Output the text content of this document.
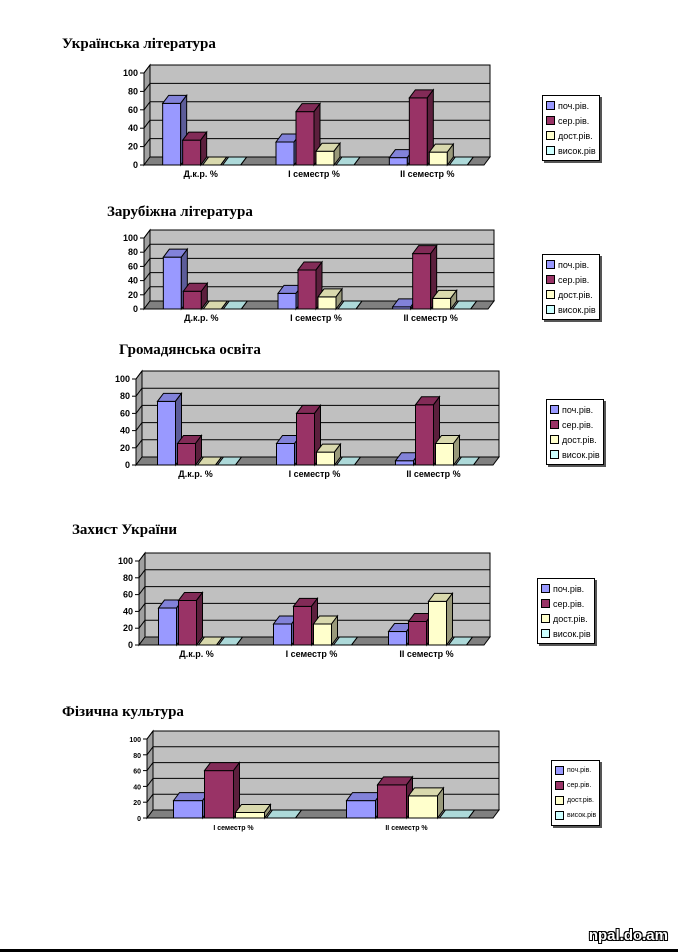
Українська література
0
20
40
60
80
100
Д.к.р. %	І семестр %	ІІ семестр %
поч.рів.
сер.рів.
дост.рів.
висок.рів
Зарубіжна література
0
20
40
60
80
100
Д.к.р. %	І семестр %	ІІ семестр %
поч.рів.
сер.рів.
дост.рів.
висок.рів
Громадянська освіта
0
20
40
60
80
100
Д.к.р. %	І семестр %	ІІ семестр %
поч.рів.
сер.рів.
дост.рів.
висок.рів
Захист України
0
20
40
60
80
100
Д.к.р. %	І семестр %	ІІ семестр %
поч.рів.
сер.рів.
дост.рів.
висок.рів
Фізична культура
0
20
40
60
80
100
І семестр %	ІІ семестр %
поч.рів.
сер.рів.
дост.рів.
висок.рів
npal.do.am
